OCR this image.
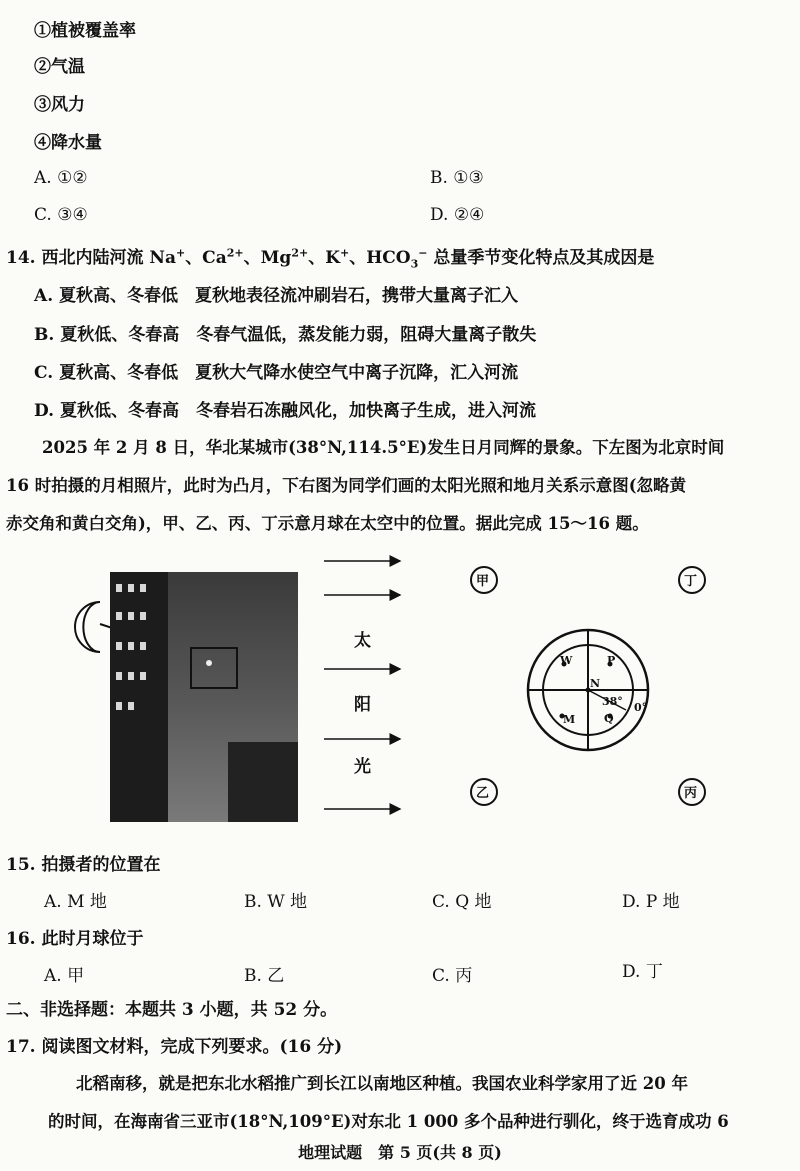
①植被覆盖率
②气温
③风力
④降水量
A. ①②	B. ①③
C. ③④	D. ②④
14. 西北内陆河流 Na+、$Ca^{2+}$、$Mg^{2+}$、K+、$HCO_3^-$ 总量季节变化特点及其成因是
A. 夏秋高、冬春低　夏秋地表径流冲刷岩石，携带大量离子汇入
B. 夏秋低、冬春高　冬春气温低，蒸发能力弱，阻碍大量离子散失
C. 夏秋高、冬春低　夏秋大气降水使空气中离子沉降，汇入河流
D. 夏秋低、冬春高　冬春岩石冻融风化，加快离子生成，进入河流
2025 年 2 月 8 日，华北某城市(38°N,114.5°E)发生日月同辉的景象。下左图为北京时间
16 时拍摄的月相照片，此时为凸月，下右图为同学们画的太阳光照和地月关系示意图(忽略黄
赤交角和黄白交角)，甲、乙、丙、丁示意月球在太空中的位置。据此完成 15～16 题。
太
阳
光
甲	丁
乙	丙
W	P
N
M	Q
38° 0°
15. 拍摄者的位置在
A. M 地	B. W 地	C. Q 地	D. P 地
16. 此时月球位于
A. 甲	B. 乙	C. 丙	D. 丁
二、非选择题：本题共 3 小题，共 52 分。
17. 阅读图文材料，完成下列要求。(16 分)
北稻南移，就是把东北水稻推广到长江以南地区种植。我国农业科学家用了近 20 年
的时间，在海南省三亚市(18°N,109°E)对东北 1 000 多个品种进行驯化，终于选育成功 6
地理试题　第 5 页(共 8 页)
